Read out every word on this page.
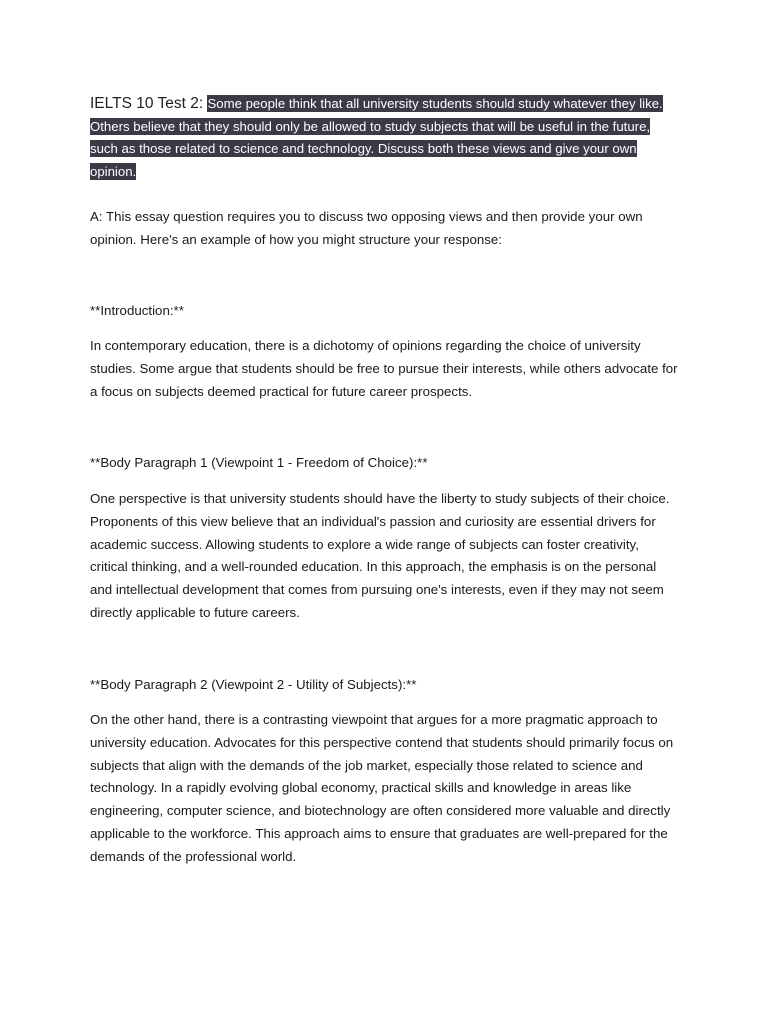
IELTS 10 Test 2: Some people think that all university students should study whatever they like. Others believe that they should only be allowed to study subjects that will be useful in the future, such as those related to science and technology. Discuss both these views and give your own opinion.

A: This essay question requires you to discuss two opposing views and then provide your own opinion. Here's an example of how you might structure your response:

**Introduction:**

In contemporary education, there is a dichotomy of opinions regarding the choice of university studies. Some argue that students should be free to pursue their interests, while others advocate for a focus on subjects deemed practical for future career prospects.

**Body Paragraph 1 (Viewpoint 1 - Freedom of Choice):**

One perspective is that university students should have the liberty to study subjects of their choice. Proponents of this view believe that an individual's passion and curiosity are essential drivers for academic success. Allowing students to explore a wide range of subjects can foster creativity, critical thinking, and a well-rounded education. In this approach, the emphasis is on the personal and intellectual development that comes from pursuing one's interests, even if they may not seem directly applicable to future careers.

**Body Paragraph 2 (Viewpoint 2 - Utility of Subjects):**

On the other hand, there is a contrasting viewpoint that argues for a more pragmatic approach to university education. Advocates for this perspective contend that students should primarily focus on subjects that align with the demands of the job market, especially those related to science and technology. In a rapidly evolving global economy, practical skills and knowledge in areas like engineering, computer science, and biotechnology are often considered more valuable and directly applicable to the workforce. This approach aims to ensure that graduates are well-prepared for the demands of the professional world.
